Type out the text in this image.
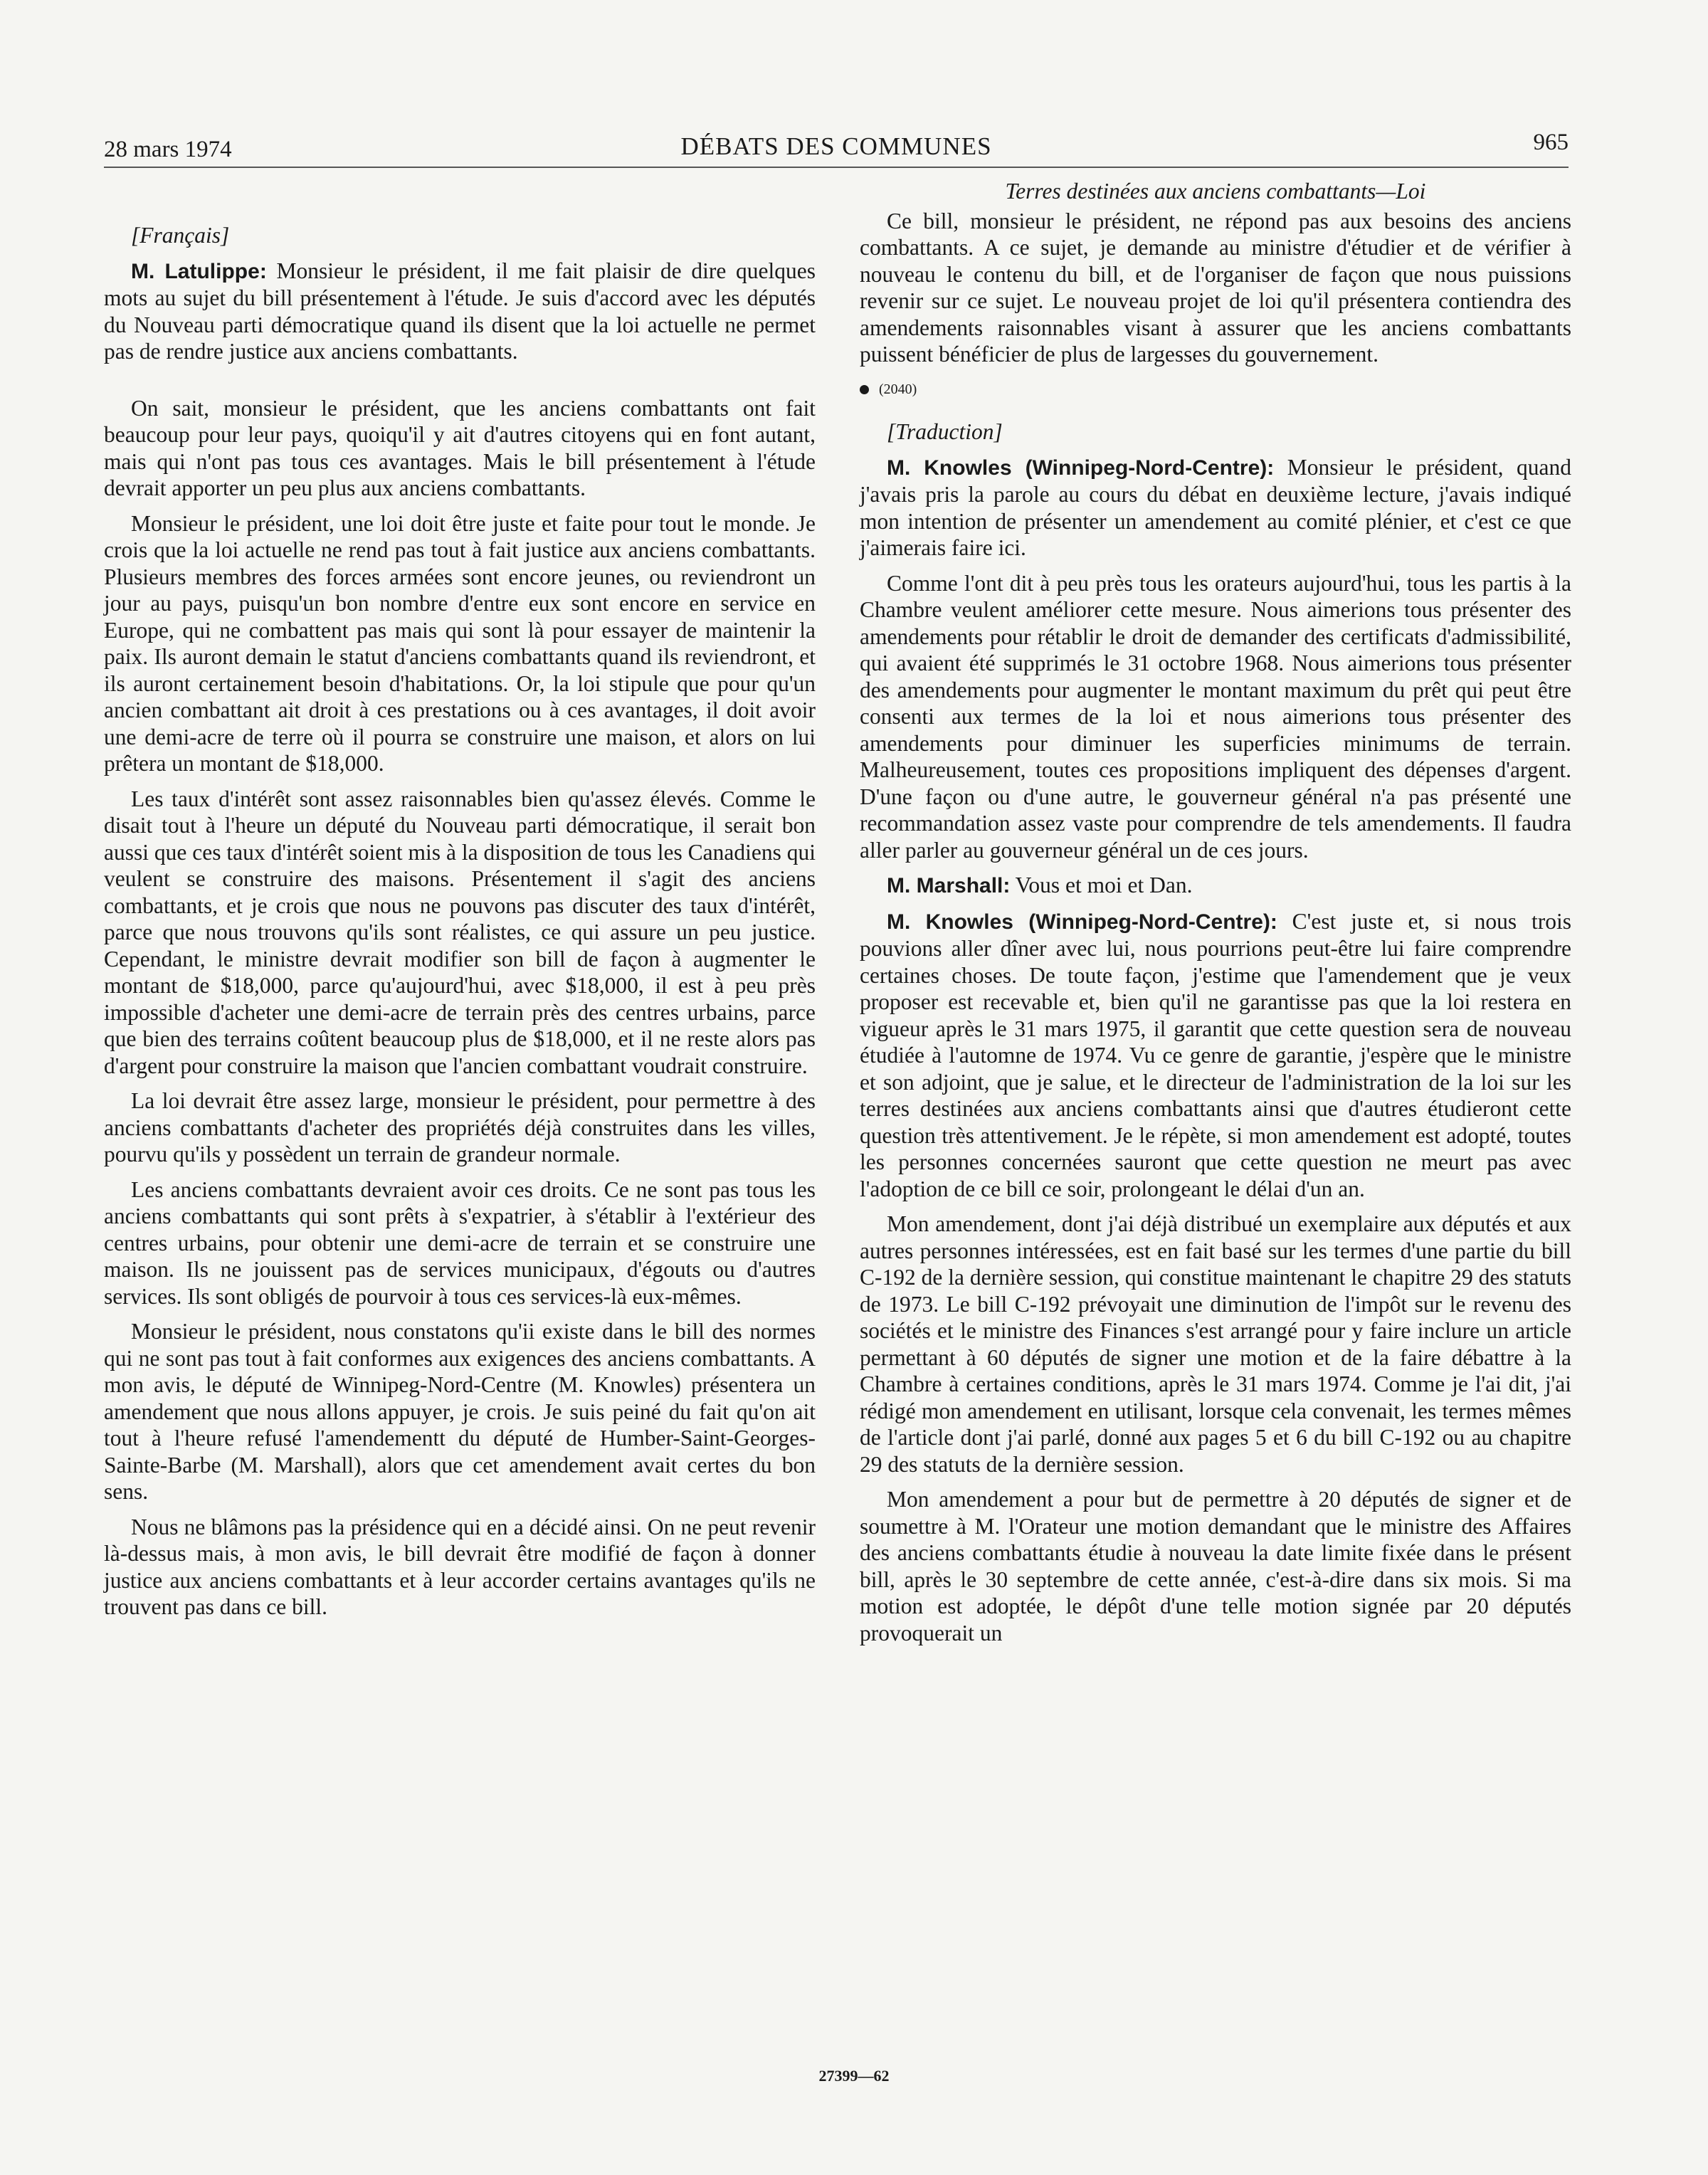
28 mars 1974	DÉBATS DES COMMUNES	965

[Français]

M. Latulippe: Monsieur le président, il me fait plaisir de dire quelques mots au sujet du bill présentement à l'étude. Je suis d'accord avec les députés du Nouveau parti démocratique quand ils disent que la loi actuelle ne permet pas de rendre justice aux anciens combattants.

On sait, monsieur le président, que les anciens combattants ont fait beaucoup pour leur pays, quoiqu'il y ait d'autres citoyens qui en font autant, mais qui n'ont pas tous ces avantages. Mais le bill présentement à l'étude devrait apporter un peu plus aux anciens combattants.

Monsieur le président, une loi doit être juste et faite pour tout le monde. Je crois que la loi actuelle ne rend pas tout à fait justice aux anciens combattants. Plusieurs membres des forces armées sont encore jeunes, ou reviendront un jour au pays, puisqu'un bon nombre d'entre eux sont encore en service en Europe, qui ne combattent pas mais qui sont là pour essayer de maintenir la paix. Ils auront demain le statut d'anciens combattants quand ils reviendront, et ils auront certainement besoin d'habitations. Or, la loi stipule que pour qu'un ancien combattant ait droit à ces prestations ou à ces avantages, il doit avoir une demi-acre de terre où il pourra se construire une maison, et alors on lui prêtera un montant de $18,000.

Les taux d'intérêt sont assez raisonnables bien qu'assez élevés. Comme le disait tout à l'heure un député du Nouveau parti démocratique, il serait bon aussi que ces taux d'intérêt soient mis à la disposition de tous les Canadiens qui veulent se construire des maisons. Présentement il s'agit des anciens combattants, et je crois que nous ne pouvons pas discuter des taux d'intérêt, parce que nous trouvons qu'ils sont réalistes, ce qui assure un peu justice. Cependant, le ministre devrait modifier son bill de façon à augmenter le montant de $18,000, parce qu'aujourd'hui, avec $18,000, il est à peu près impossible d'acheter une demi-acre de terrain près des centres urbains, parce que bien des terrains coûtent beaucoup plus de $18,000, et il ne reste alors pas d'argent pour construire la maison que l'ancien combattant voudrait construire.

La loi devrait être assez large, monsieur le président, pour permettre à des anciens combattants d'acheter des propriétés déjà construites dans les villes, pourvu qu'ils y possèdent un terrain de grandeur normale.

Les anciens combattants devraient avoir ces droits. Ce ne sont pas tous les anciens combattants qui sont prêts à s'expatrier, à s'établir à l'extérieur des centres urbains, pour obtenir une demi-acre de terrain et se construire une maison. Ils ne jouissent pas de services municipaux, d'égouts ou d'autres services. Ils sont obligés de pourvoir à tous ces services-là eux-mêmes.

Monsieur le président, nous constatons qu'ii existe dans le bill des normes qui ne sont pas tout à fait conformes aux exigences des anciens combattants. A mon avis, le député de Winnipeg-Nord-Centre (M. Knowles) présentera un amendement que nous allons appuyer, je crois. Je suis peiné du fait qu'on ait tout à l'heure refusé l'amendementt du député de Humber-Saint-Georges-Sainte-Barbe (M. Marshall), alors que cet amendement avait certes du bon sens.

Nous ne blâmons pas la présidence qui en a décidé ainsi. On ne peut revenir là-dessus mais, à mon avis, le bill devrait être modifié de façon à donner justice aux anciens combattants et à leur accorder certains avantages qu'ils ne trouvent pas dans ce bill.

Terres destinées aux anciens combattants—Loi

Ce bill, monsieur le président, ne répond pas aux besoins des anciens combattants. A ce sujet, je demande au ministre d'étudier et de vérifier à nouveau le contenu du bill, et de l'organiser de façon que nous puissions revenir sur ce sujet. Le nouveau projet de loi qu'il présentera contiendra des amendements raisonnables visant à assurer que les anciens combattants puissent bénéficier de plus de largesses du gouvernement.

(2040)

[Traduction]

M. Knowles (Winnipeg-Nord-Centre): Monsieur le président, quand j'avais pris la parole au cours du débat en deuxième lecture, j'avais indiqué mon intention de présenter un amendement au comité plénier, et c'est ce que j'aimerais faire ici.

Comme l'ont dit à peu près tous les orateurs aujourd'hui, tous les partis à la Chambre veulent améliorer cette mesure. Nous aimerions tous présenter des amendements pour rétablir le droit de demander des certificats d'admissibilité, qui avaient été supprimés le 31 octobre 1968. Nous aimerions tous présenter des amendements pour augmenter le montant maximum du prêt qui peut être consenti aux termes de la loi et nous aimerions tous présenter des amendements pour diminuer les superficies minimums de terrain. Malheureusement, toutes ces propositions impliquent des dépenses d'argent. D'une façon ou d'une autre, le gouverneur général n'a pas présenté une recommandation assez vaste pour comprendre de tels amendements. Il faudra aller parler au gouverneur général un de ces jours.

M. Marshall: Vous et moi et Dan.

M. Knowles (Winnipeg-Nord-Centre): C'est juste et, si nous trois pouvions aller dîner avec lui, nous pourrions peut-être lui faire comprendre certaines choses. De toute façon, j'estime que l'amendement que je veux proposer est recevable et, bien qu'il ne garantisse pas que la loi restera en vigueur après le 31 mars 1975, il garantit que cette question sera de nouveau étudiée à l'automne de 1974. Vu ce genre de garantie, j'espère que le ministre et son adjoint, que je salue, et le directeur de l'administration de la loi sur les terres destinées aux anciens combattants ainsi que d'autres étudieront cette question très attentivement. Je le répète, si mon amendement est adopté, toutes les personnes concernées sauront que cette question ne meurt pas avec l'adoption de ce bill ce soir, prolongeant le délai d'un an.

Mon amendement, dont j'ai déjà distribué un exemplaire aux députés et aux autres personnes intéressées, est en fait basé sur les termes d'une partie du bill C-192 de la dernière session, qui constitue maintenant le chapitre 29 des statuts de 1973. Le bill C-192 prévoyait une diminution de l'impôt sur le revenu des sociétés et le ministre des Finances s'est arrangé pour y faire inclure un article permettant à 60 députés de signer une motion et de la faire débattre à la Chambre à certaines conditions, après le 31 mars 1974. Comme je l'ai dit, j'ai rédigé mon amendement en utilisant, lorsque cela convenait, les termes mêmes de l'article dont j'ai parlé, donné aux pages 5 et 6 du bill C-192 ou au chapitre 29 des statuts de la dernière session.

Mon amendement a pour but de permettre à 20 députés de signer et de soumettre à M. l'Orateur une motion demandant que le ministre des Affaires des anciens combattants étudie à nouveau la date limite fixée dans le présent bill, après le 30 septembre de cette année, c'est-à-dire dans six mois. Si ma motion est adoptée, le dépôt d'une telle motion signée par 20 députés provoquerait un

27399—62
